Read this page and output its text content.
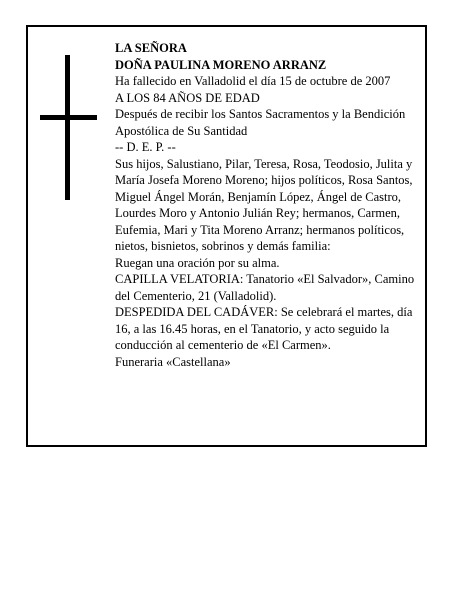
LA SEÑORA

DOÑA PAULINA MORENO ARRANZ

Ha fallecido en Valladolid el día 15 de octubre de 2007

A LOS 84 AÑOS DE EDAD

Después de recibir los Santos Sacramentos y la Bendición Apostólica de Su Santidad

-- D. E. P. --

Sus hijos, Salustiano, Pilar, Teresa, Rosa, Teodosio, Julita y María Josefa Moreno Moreno; hijos políticos, Rosa Santos, Miguel Ángel Morán, Benjamín López, Ángel de Castro, Lourdes Moro y Antonio Julián Rey; hermanos, Carmen, Eufemia, Mari y Tita Moreno Arranz; hermanos políticos, nietos, bisnietos, sobrinos y demás familia:

Ruegan una oración por su alma.

CAPILLA VELATORIA: Tanatorio «El Salvador», Camino del Cementerio, 21 (Valladolid).

DESPEDIDA DEL CADÁVER: Se celebrará el martes, día 16, a las 16.45 horas, en el Tanatorio, y acto seguido la conducción al cementerio de «El Carmen».

Funeraria «Castellana»
